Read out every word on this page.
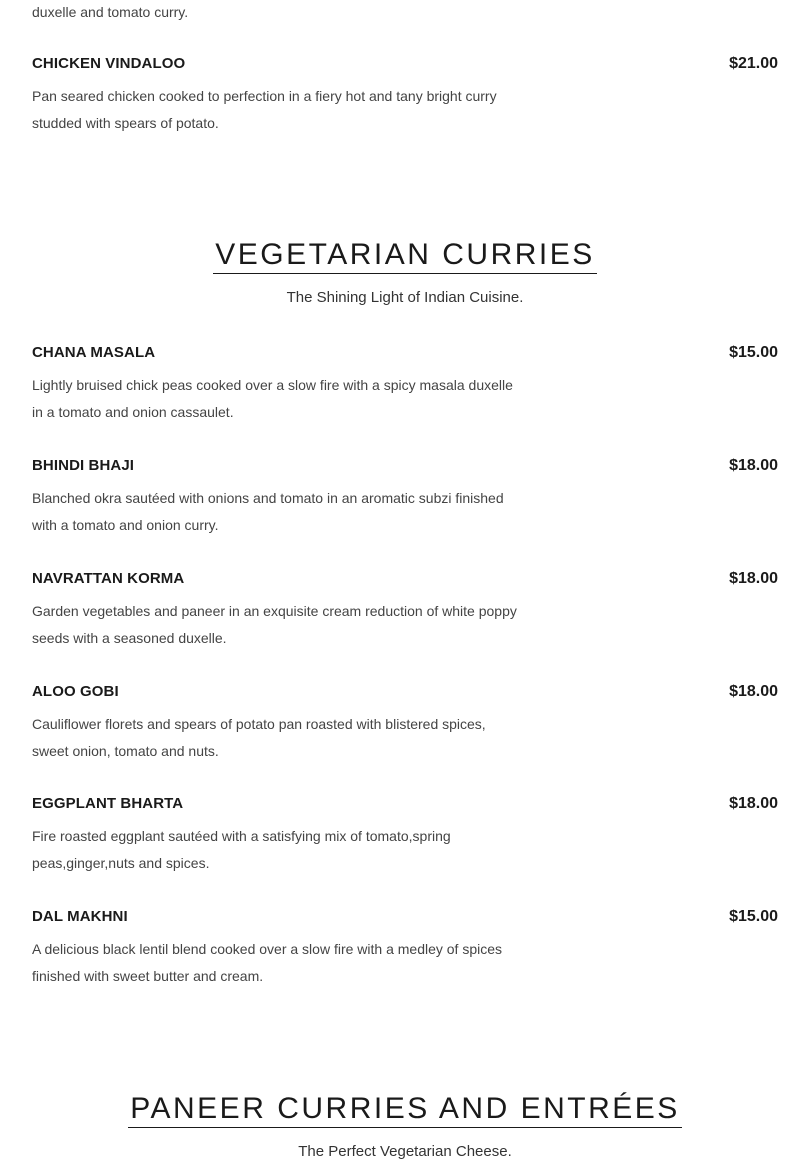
duxelle and tomato curry.
CHICKEN VINDALOO	$21.00
Pan seared chicken cooked to perfection in a fiery hot and tany bright curry studded with spears of potato.
VEGETARIAN CURRIES
The Shining Light of Indian Cuisine.
CHANA MASALA	$15.00
Lightly bruised chick peas cooked over a slow fire with a spicy masala duxelle in a tomato and onion cassaulet.
BHINDI BHAJI	$18.00
Blanched okra sautéed with onions and tomato in an aromatic subzi finished with a tomato and onion curry.
NAVRATTAN KORMA	$18.00
Garden vegetables and paneer in an exquisite cream reduction of white poppy seeds with a seasoned duxelle.
ALOO GOBI	$18.00
Cauliflower florets and spears of potato pan roasted with blistered spices, sweet onion, tomato and nuts.
EGGPLANT BHARTA	$18.00
Fire roasted eggplant sautéed with a satisfying mix of tomato,spring peas,ginger,nuts and spices.
DAL MAKHNI	$15.00
A delicious black lentil blend cooked over a slow fire with a medley of spices finished with sweet butter and cream.
PANEER CURRIES AND ENTRÉES
The Perfect Vegetarian Cheese.
